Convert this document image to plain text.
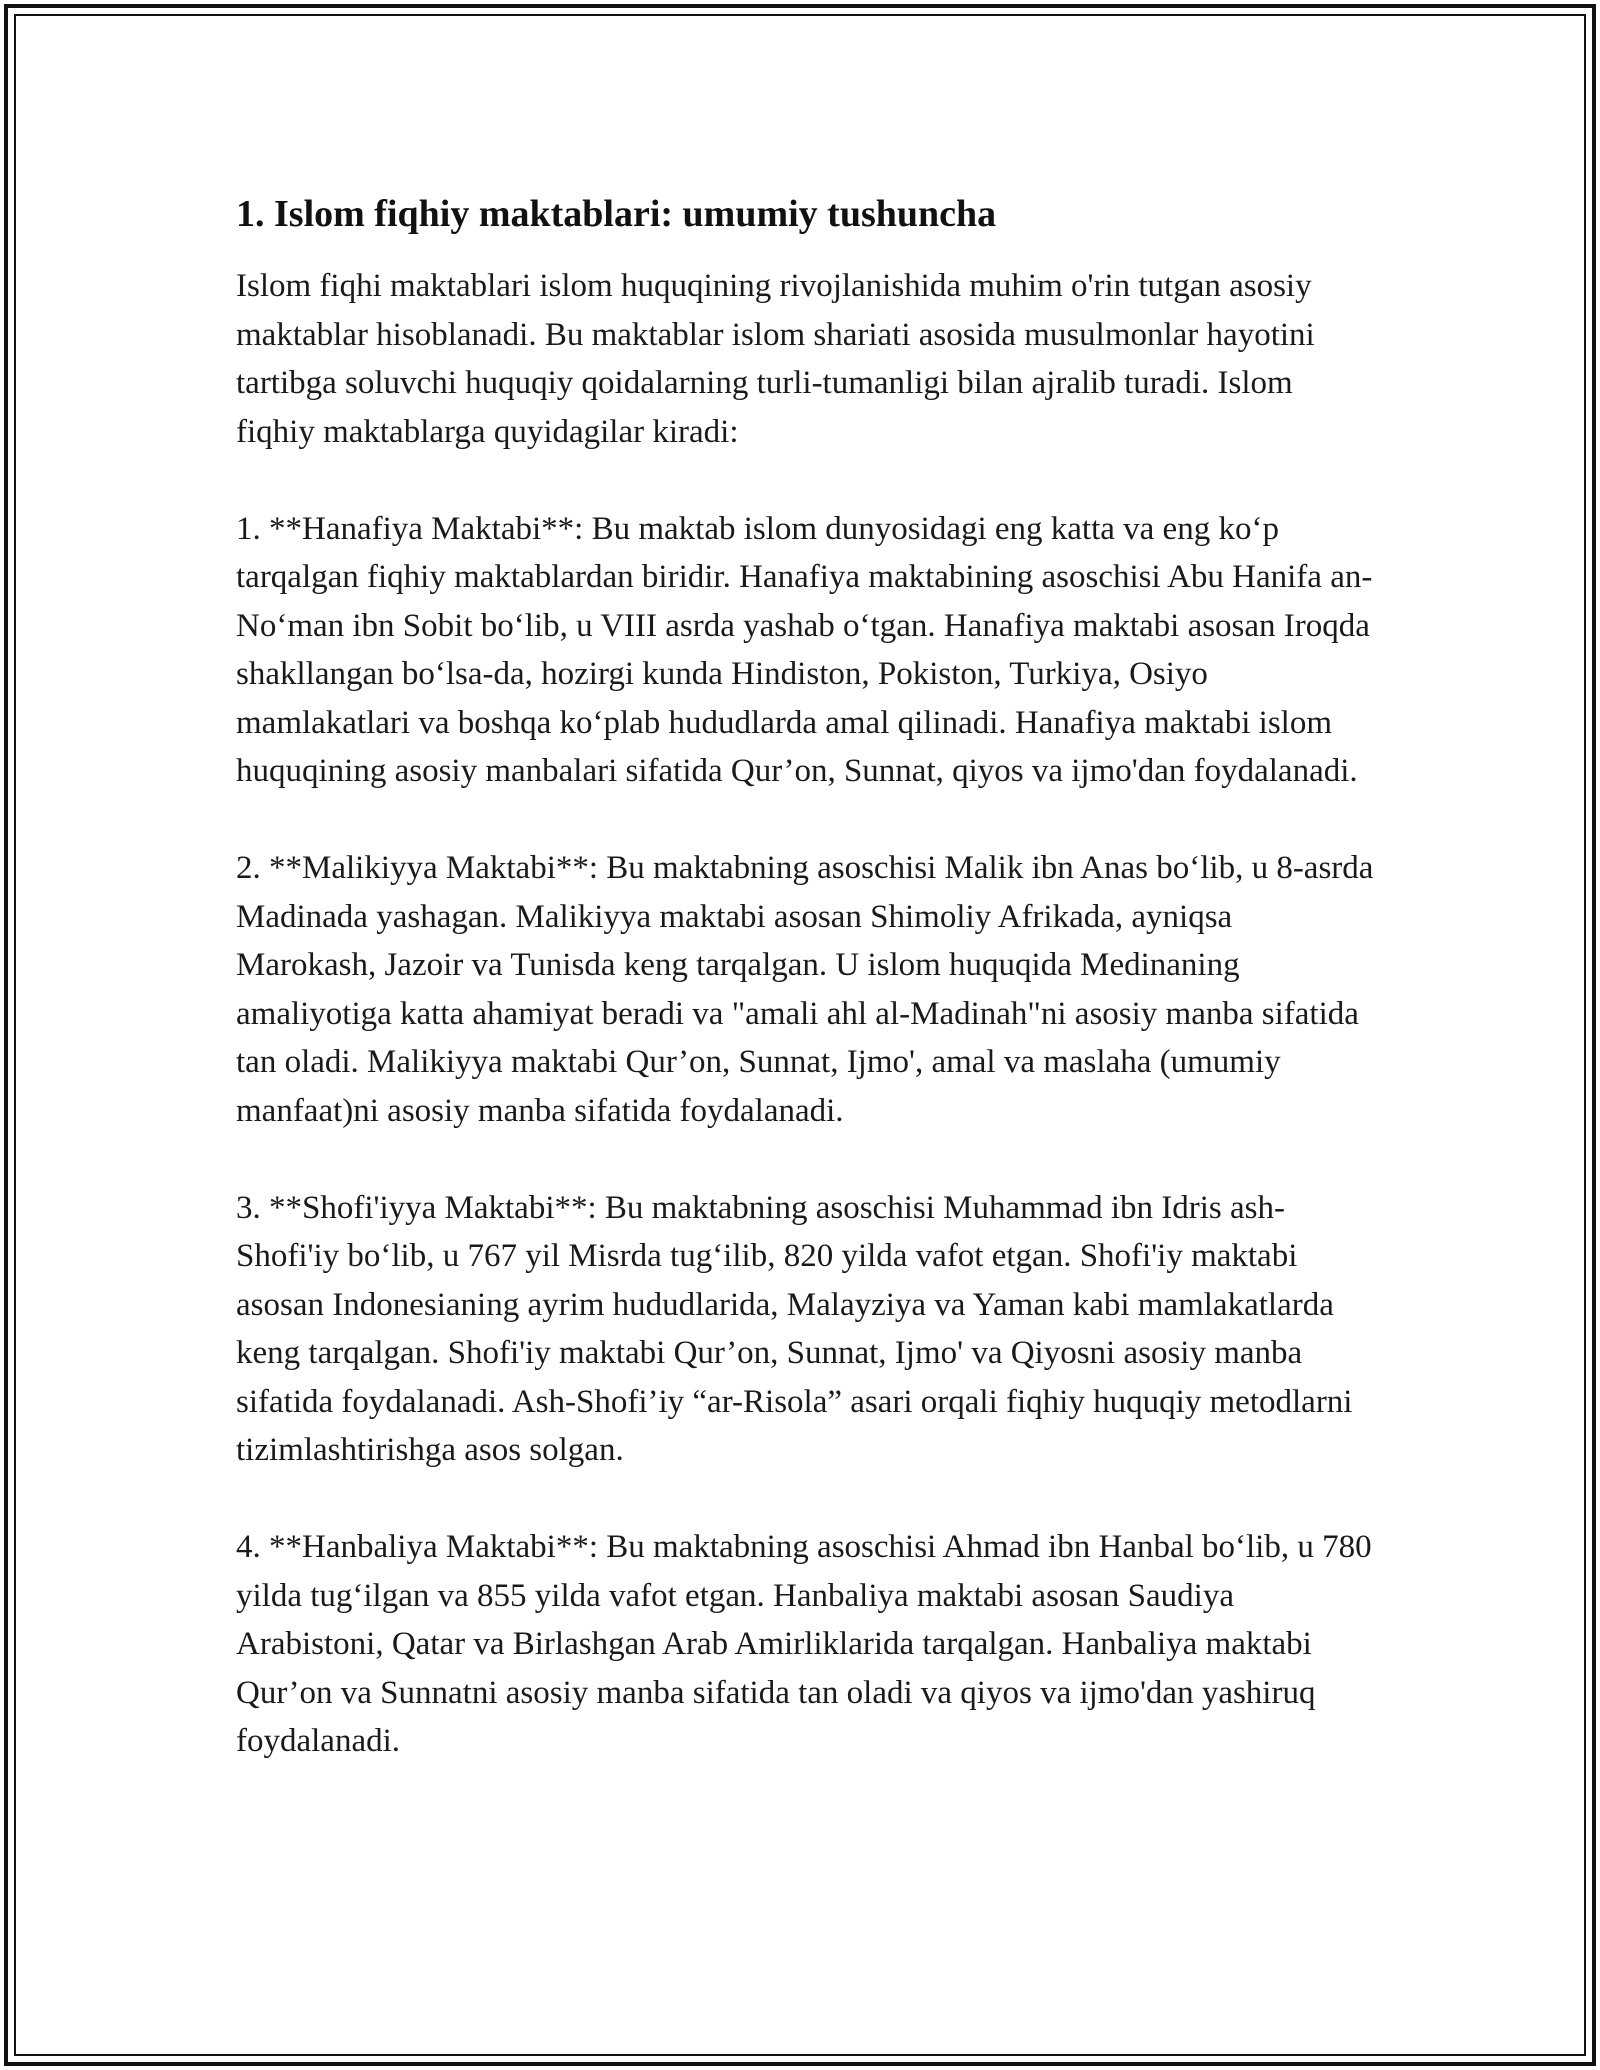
1. Islom fiqhiy maktablari: umumiy tushuncha

Islom fiqhi maktablari islom huquqining rivojlanishida muhim o'rin tutgan asosiy maktablar hisoblanadi. Bu maktablar islom shariati asosida musulmonlar hayotini tartibga soluvchi huquqiy qoidalarning turli-tumanligi bilan ajralib turadi. Islom fiqhiy maktablarga quyidagilar kiradi:

1. **Hanafiya Maktabi**: Bu maktab islom dunyosidagi eng katta va eng ko‘p tarqalgan fiqhiy maktablardan biridir. Hanafiya maktabining asoschisi Abu Hanifa an-No‘man ibn Sobit bo‘lib, u VIII asrda yashab o‘tgan. Hanafiya maktabi asosan Iroqda shakllangan bo‘lsa-da, hozirgi kunda Hindiston, Pokiston, Turkiya, Osiyo mamlakatlari va boshqa ko‘plab hududlarda amal qilinadi. Hanafiya maktabi islom huquqining asosiy manbalari sifatida Qur’on, Sunnat, qiyos va ijmo'dan foydalanadi.

2. **Malikiyya Maktabi**: Bu maktabning asoschisi Malik ibn Anas bo‘lib, u 8-asrda Madinada yashagan. Malikiyya maktabi asosan Shimoliy Afrikada, ayniqsa Marokash, Jazoir va Tunisda keng tarqalgan. U islom huquqida Medinaning amaliyotiga katta ahamiyat beradi va "amali ahl al-Madinah"ni asosiy manba sifatida tan oladi. Malikiyya maktabi Qur’on, Sunnat, Ijmo', amal va maslaha (umumiy manfaat)ni asosiy manba sifatida foydalanadi.

3. **Shofi'iyya Maktabi**: Bu maktabning asoschisi Muhammad ibn Idris ash-Shofi'iy bo‘lib, u 767 yil Misrda tug‘ilib, 820 yilda vafot etgan. Shofi'iy maktabi asosan Indonesianing ayrim hududlarida, Malayziya va Yaman kabi mamlakatlarda keng tarqalgan. Shofi'iy maktabi Qur’on, Sunnat, Ijmo' va Qiyosni asosiy manba sifatida foydalanadi. Ash-Shofi’iy “ar-Risola” asari orqali fiqhiy huquqiy metodlarni tizimlashtirishga asos solgan.

4. **Hanbaliya Maktabi**: Bu maktabning asoschisi Ahmad ibn Hanbal bo‘lib, u 780 yilda tug‘ilgan va 855 yilda vafot etgan. Hanbaliya maktabi asosan Saudiya Arabistoni, Qatar va Birlashgan Arab Amirliklarida tarqalgan. Hanbaliya maktabi Qur’on va Sunnatni asosiy manba sifatida tan oladi va qiyos va ijmo'dan yashiruq foydalanadi.
